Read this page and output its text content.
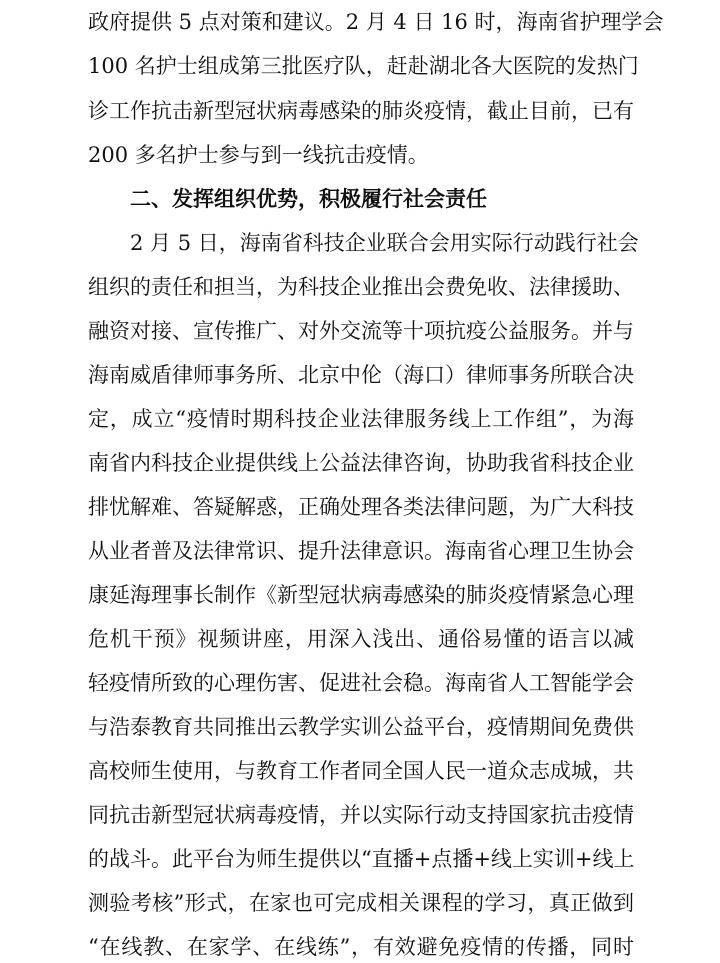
政府提供 5 点对策和建议。2 月 4 日 16 时，海南省护理学会
100 名护士组成第三批医疗队，赶赴湖北各大医院的发热门
诊工作抗击新型冠状病毒感染的肺炎疫情，截止目前，已有
200 多名护士参与到一线抗击疫情。
二、发挥组织优势，积极履行社会责任
2 月 5 日，海南省科技企业联合会用实际行动践行社会
组织的责任和担当，为科技企业推出会费免收、法律援助、
融资对接、宣传推广、对外交流等十项抗疫公益服务。并与
海南威盾律师事务所、北京中伦（海口）律师事务所联合决
定，成立“疫情时期科技企业法律服务线上工作组”，为海
南省内科技企业提供线上公益法律咨询，协助我省科技企业
排忧解难、答疑解惑，正确处理各类法律问题，为广大科技
从业者普及法律常识、提升法律意识。海南省心理卫生协会
康延海理事长制作《新型冠状病毒感染的肺炎疫情紧急心理
危机干预》视频讲座，用深入浅出、通俗易懂的语言以减
轻疫情所致的心理伤害、促进社会稳。海南省人工智能学会
与浩泰教育共同推出云教学实训公益平台，疫情期间免费供
高校师生使用，与教育工作者同全国人民一道众志成城，共
同抗击新型冠状病毒疫情，并以实际行动支持国家抗击疫情
的战斗。此平台为师生提供以“直播+点播+线上实训+线上
测验考核”形式，在家也可完成相关课程的学习，真正做到
“在线教、在家学、在线练”，有效避免疫情的传播，同时
